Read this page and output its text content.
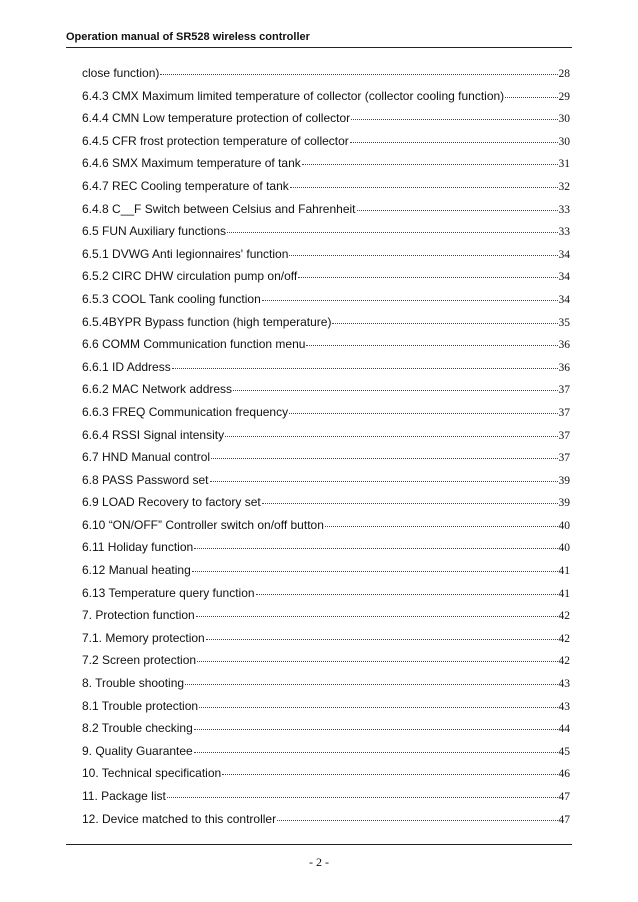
Operation manual of SR528 wireless controller
close function)	28
6.4.3 CMX Maximum limited temperature of collector (collector cooling function)	29
6.4.4 CMN Low temperature protection of collector	30
6.4.5 CFR frost protection temperature of collector	30
6.4.6 SMX Maximum temperature of tank	31
6.4.7 REC Cooling temperature of tank	32
6.4.8 C__F Switch between Celsius and Fahrenheit	33
6.5 FUN Auxiliary functions	33
6.5.1 DVWG Anti legionnaires' function	34
6.5.2 CIRC DHW circulation pump on/off	34
6.5.3 COOL Tank cooling function	34
6.5.4BYPR Bypass function (high temperature)	35
6.6 COMM Communication function menu	36
6.6.1 ID Address	36
6.6.2 MAC Network address	37
6.6.3 FREQ Communication frequency	37
6.6.4 RSSI Signal intensity	37
6.7 HND Manual control	37
6.8 PASS Password set	39
6.9 LOAD Recovery to factory set	39
6.10 “ON/OFF” Controller switch on/off button	40
6.11 Holiday function	40
6.12 Manual heating	41
6.13 Temperature query function	41
7. Protection function	42
7.1. Memory protection	42
7.2 Screen protection	42
8. Trouble shooting	43
8.1 Trouble protection	43
8.2 Trouble checking	44
9. Quality Guarantee	45
10. Technical specification	46
11. Package list	47
12. Device matched to this controller	47
- 2 -
